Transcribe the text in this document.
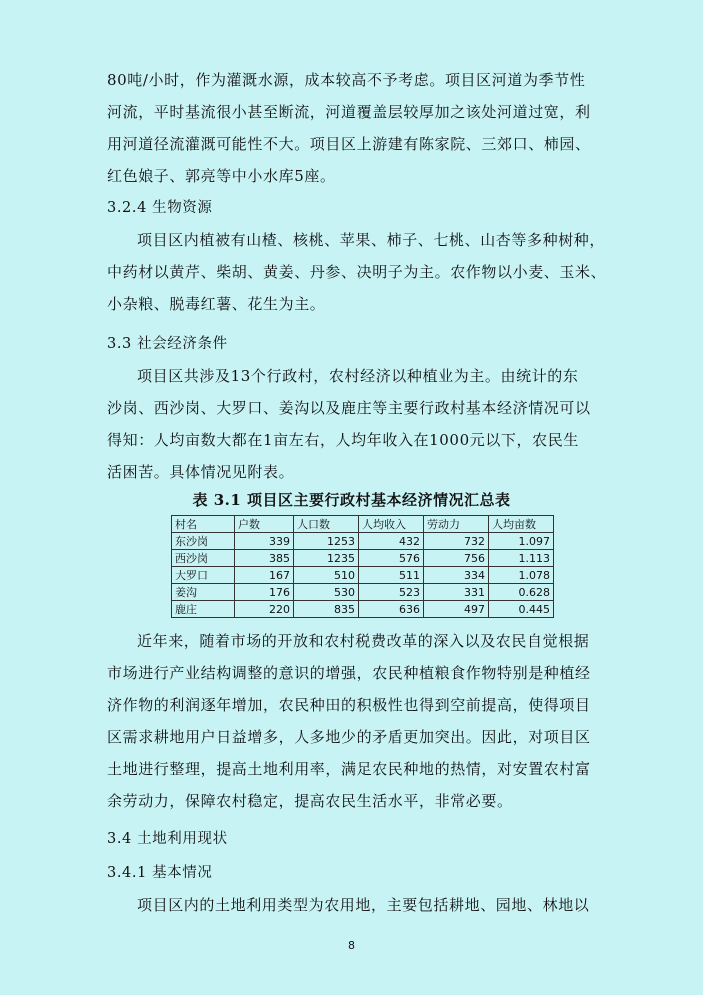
80吨/小时，作为灌溉水源，成本较高不予考虑。项目区河道为季节性
河流，平时基流很小甚至断流，河道覆盖层较厚加之该处河道过宽，利
用河道径流灌溉可能性不大。项目区上游建有陈家院、三郊口、柿园、
红色娘子、郭亮等中小水库5座。
3.2.4 生物资源
项目区内植被有山楂、核桃、苹果、柿子、七桃、山杏等多种树种，
中药材以黄芹、柴胡、黄姜、丹参、决明子为主。农作物以小麦、玉米、
小杂粮、脱毒红薯、花生为主。
3.3 社会经济条件
项目区共涉及13个行政村，农村经济以种植业为主。由统计的东
沙岗、西沙岗、大罗口、姜沟以及鹿庄等主要行政村基本经济情况可以
得知：人均亩数大都在1亩左右，人均年收入在1000元以下，农民生
活困苦。具体情况见附表。
表 3.1 项目区主要行政村基本经济情况汇总表
村名	户数	人口数	人均收入	劳动力	人均亩数
东沙岗	339	1253	432	732	1.097
西沙岗	385	1235	576	756	1.113
大罗口	167	510	511	334	1.078
姜沟	176	530	523	331	0.628
鹿庄	220	835	636	497	0.445
近年来，随着市场的开放和农村税费改革的深入以及农民自觉根据
市场进行产业结构调整的意识的增强，农民种植粮食作物特别是种植经
济作物的利润逐年增加，农民种田的积极性也得到空前提高，使得项目
区需求耕地用户日益增多，人多地少的矛盾更加突出。因此，对项目区
土地进行整理，提高土地利用率，满足农民种地的热情，对安置农村富
余劳动力，保障农村稳定，提高农民生活水平，非常必要。
3.4 土地利用现状
3.4.1 基本情况
项目区内的土地利用类型为农用地，主要包括耕地、园地、林地以
8
